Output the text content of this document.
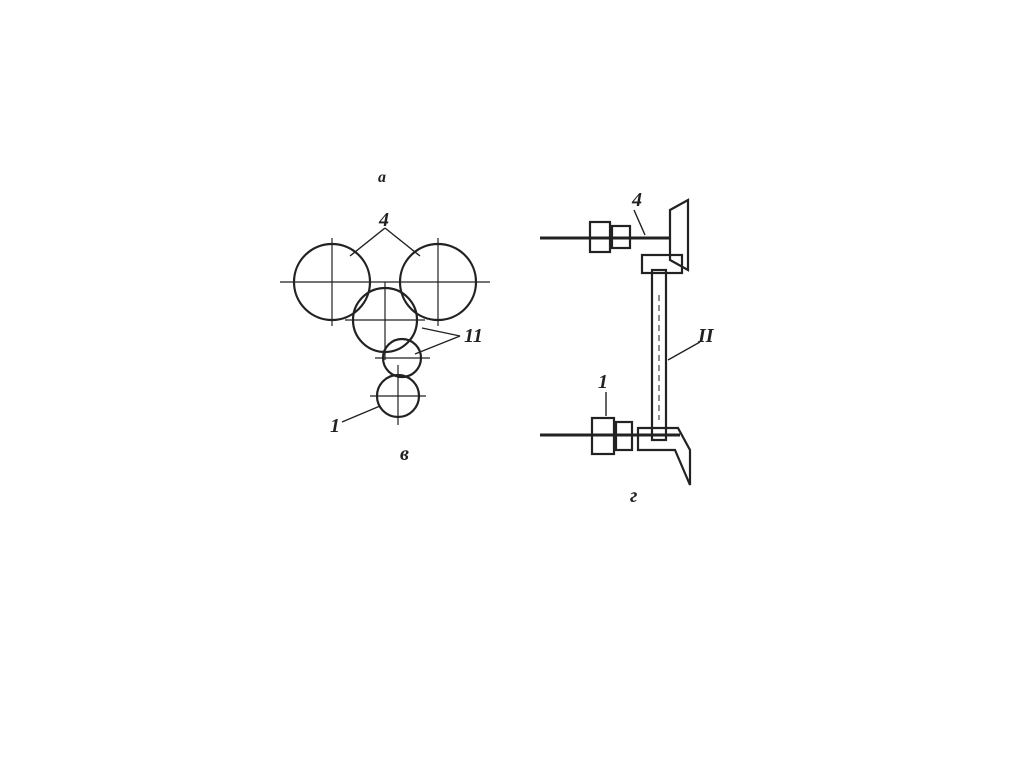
4
11
1
в
а
4
II
1
г
